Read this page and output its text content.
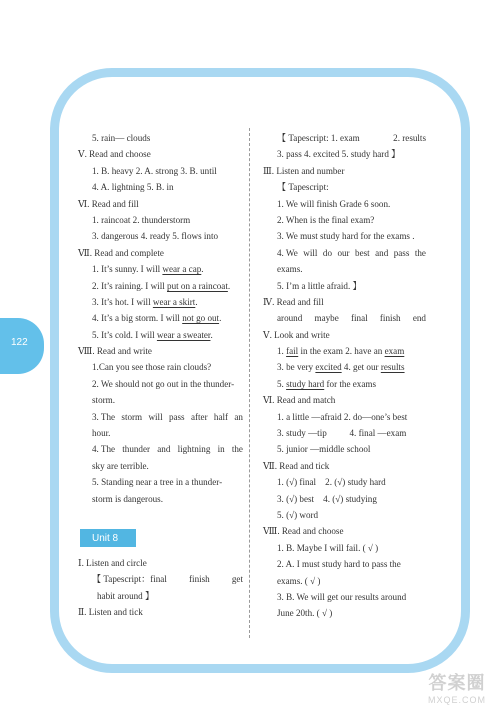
122
5. rain— clouds
Ⅴ. Read and choose
1. B. heavy 2. A. strong 3. B. until
4. A. lightning 5. B. in
Ⅵ. Read and fill
1. raincoat 2. thunderstorm
3. dangerous 4. ready 5. flows into
Ⅶ. Read and complete
1. It’s sunny. I will wear a cap.
2. It’s raining. I will put on a raincoat.
3. It’s hot. I will wear a skirt.
4. It’s a big storm. I will not go out.
5. It’s cold. I will wear a sweater.
Ⅷ. Read and write
1.Can you see those rain clouds?
2. We should not go out in the thunder-
storm.
3. The storm will pass after half an
hour.
4. The thunder and lightning in the
sky are terrible.
5. Standing near a tree in a thunder-
storm is dangerous.
Unit 8
Ⅰ. Listen and circle
【 Tapescript：final finish get
habit around 】
Ⅱ. Listen and tick
【 Tapescript: 1. exam	2. results
3. pass 4. excited 5. study hard 】
Ⅲ. Listen and number
【 Tapescript:
1. We will finish Grade 6 soon.
2. When is the final exam?
3. We must study hard for the exams .
4. We will do our best and pass the
exams.
5. I’m a little afraid. 】
Ⅳ. Read and fill
around maybe final finish end
Ⅴ. Look and write
1. fail in the exam 2. have an exam
3. be very excited 4. get our results
5. study hard for the exams
Ⅵ. Read and match
1. a little —afraid 2. do—one’s best
3. study —tip          4. final —exam
5. junior —middle school
Ⅶ. Read and tick
1. (√) final    2. (√) study hard
3. (√) best    4. (√) studying
5. (√) word
Ⅷ. Read and choose
1. B. Maybe I will fail. ( √ )
2. A. I must study hard to pass the
exams. ( √ )
3. B. We will get our results around
June 20th. ( √ )
答案圈
MXQE.COM
